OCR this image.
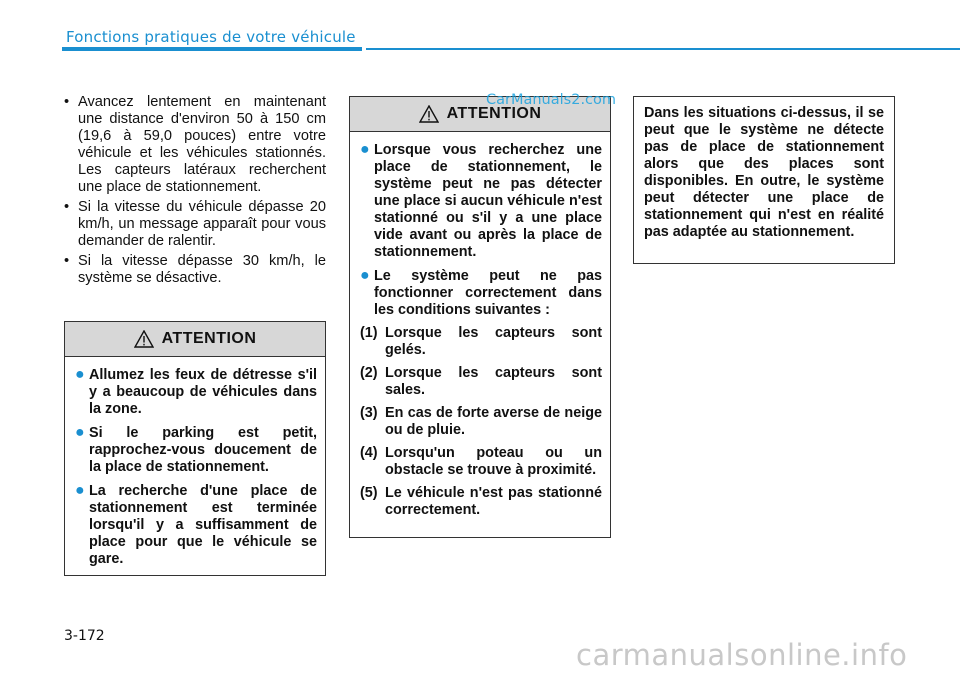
Fonctions pratiques de votre véhicule
• Avancez lentement en maintenant une distance d'environ 50 à 150 cm (19,6 à 59,0 pouces) entre votre véhicule et les véhicules stationnés. Les capteurs latéraux recherchent une place de stationnement.
• Si la vitesse du véhicule dépasse 20 km/h, un message apparaît pour vous demander de ralentir.
• Si la vitesse dépasse 30 km/h, le système se désactive.
ATTENTION
● Allumez les feux de détresse s'il y a beaucoup de véhicules dans la zone.
● Si le parking est petit, rapprochez-vous doucement de la place de stationnement.
● La recherche d'une place de stationnement est terminée lorsqu'il y a suffisamment de place pour que le véhicule se gare.
ATTENTION
● Lorsque vous recherchez une place de stationnement, le système peut ne pas détecter une place si aucun véhicule n'est stationné ou s'il y a une place vide avant ou après la place de stationnement.
● Le système peut ne pas fonctionner correctement dans les conditions suivantes :
(1) Lorsque les capteurs sont gelés.
(2) Lorsque les capteurs sont sales.
(3) En cas de forte averse de neige ou de pluie.
(4) Lorsqu'un poteau ou un obstacle se trouve à proximité.
(5) Le véhicule n'est pas stationné correctement.
Dans les situations ci-dessus, il se peut que le système ne détecte pas de place de stationnement alors que des places sont disponibles. En outre, le système peut détecter une place de stationnement qui n'est en réalité pas adaptée au stationnement.
CarManuals2.com
3-172
carmanualsonline.info
